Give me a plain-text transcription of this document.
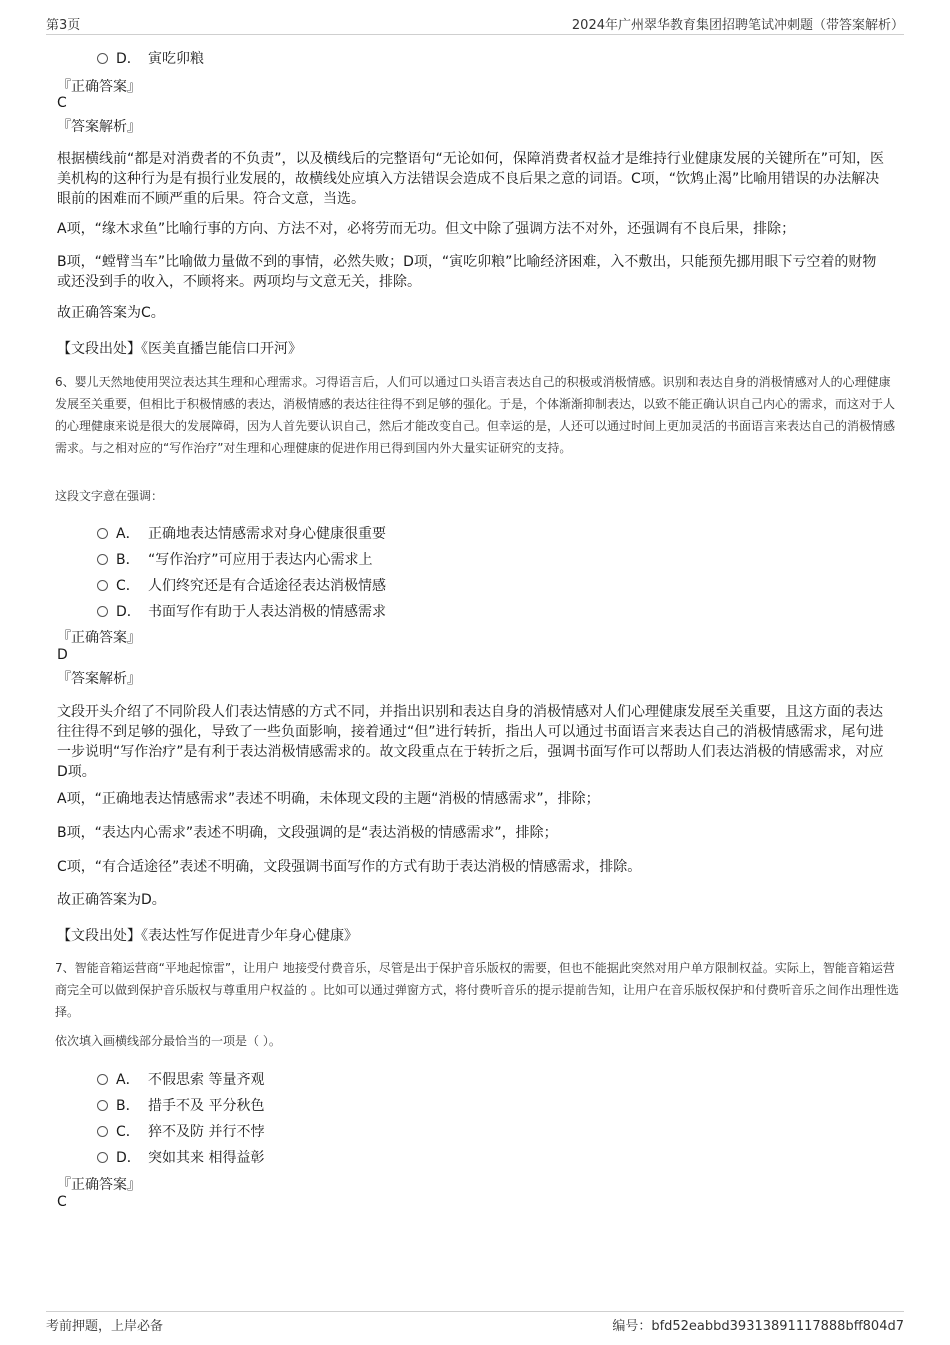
第3页	2024年广州翠华教育集团招聘笔试冲刺题（带答案解析）
D． 寅吃卯粮
『正确答案』
C
『答案解析』
根据横线前“都是对消费者的不负责”，以及横线后的完整语句“无论如何，保障消费者权益才是维持行业健康发展的关键所在”可知，医美机构的这种行为是有损行业发展的，故横线处应填入方法错误会造成不良后果之意的词语。C项，“饮鸩止渴”比喻用错误的办法解决眼前的困难而不顾严重的后果。符合文意，当选。
A项，“缘木求鱼”比喻行事的方向、方法不对，必将劳而无功。但文中除了强调方法不对外，还强调有不良后果，排除；
B项，“螳臂当车”比喻做力量做不到的事情，必然失败；D项，“寅吃卯粮”比喻经济困难，入不敷出，只能预先挪用眼下亏空着的财物或还没到手的收入，不顾将来。两项均与文意无关，排除。
故正确答案为C。
【文段出处】《医美直播岂能信口开河》
6、婴儿天然地使用哭泣表达其生理和心理需求。习得语言后，人们可以通过口头语言表达自己的积极或消极情感。识别和表达自身的消极情感对人的心理健康发展至关重要，但相比于积极情感的表达，消极情感的表达往往得不到足够的强化。于是，个体渐渐抑制表达，以致不能正确认识自己内心的需求，而这对于人的心理健康来说是很大的发展障碍，因为人首先要认识自己，然后才能改变自己。但幸运的是，人还可以通过时间上更加灵活的书面语言来表达自己的消极情感需求。与之相对应的“写作治疗”对生理和心理健康的促进作用已得到国内外大量实证研究的支持。
这段文字意在强调：
A． 正确地表达情感需求对身心健康很重要
B． “写作治疗”可应用于表达内心需求上
C． 人们终究还是有合适途径表达消极情感
D． 书面写作有助于人表达消极的情感需求
『正确答案』
D
『答案解析』
文段开头介绍了不同阶段人们表达情感的方式不同，并指出识别和表达自身的消极情感对人们心理健康发展至关重要，且这方面的表达往往得不到足够的强化，导致了一些负面影响，接着通过“但”进行转折，指出人可以通过书面语言来表达自己的消极情感需求，尾句进一步说明“写作治疗”是有利于表达消极情感需求的。故文段重点在于转折之后，强调书面写作可以帮助人们表达消极的情感需求，对应D项。
A项，“正确地表达情感需求”表述不明确，未体现文段的主题“消极的情感需求”，排除；
B项，“表达内心需求”表述不明确，文段强调的是“表达消极的情感需求”，排除；
C项，“有合适途径”表述不明确，文段强调书面写作的方式有助于表达消极的情感需求，排除。
故正确答案为D。
【文段出处】《表达性写作促进青少年身心健康》
7、智能音箱运营商“平地起惊雷”，让用户 地接受付费音乐，尽管是出于保护音乐版权的需要，但也不能据此突然对用户单方限制权益。实际上，智能音箱运营商完全可以做到保护音乐版权与尊重用户权益的 。比如可以通过弹窗方式，将付费听音乐的提示提前告知，让用户在音乐版权保护和付费听音乐之间作出理性选择。
依次填入画横线部分最恰当的一项是（ ）。
A． 不假思索 等量齐观
B． 措手不及 平分秋色
C． 猝不及防 并行不悖
D． 突如其来 相得益彰
『正确答案』
C
考前押题，上岸必备	编号：bfd52eabbd39313891117888bff804d7
